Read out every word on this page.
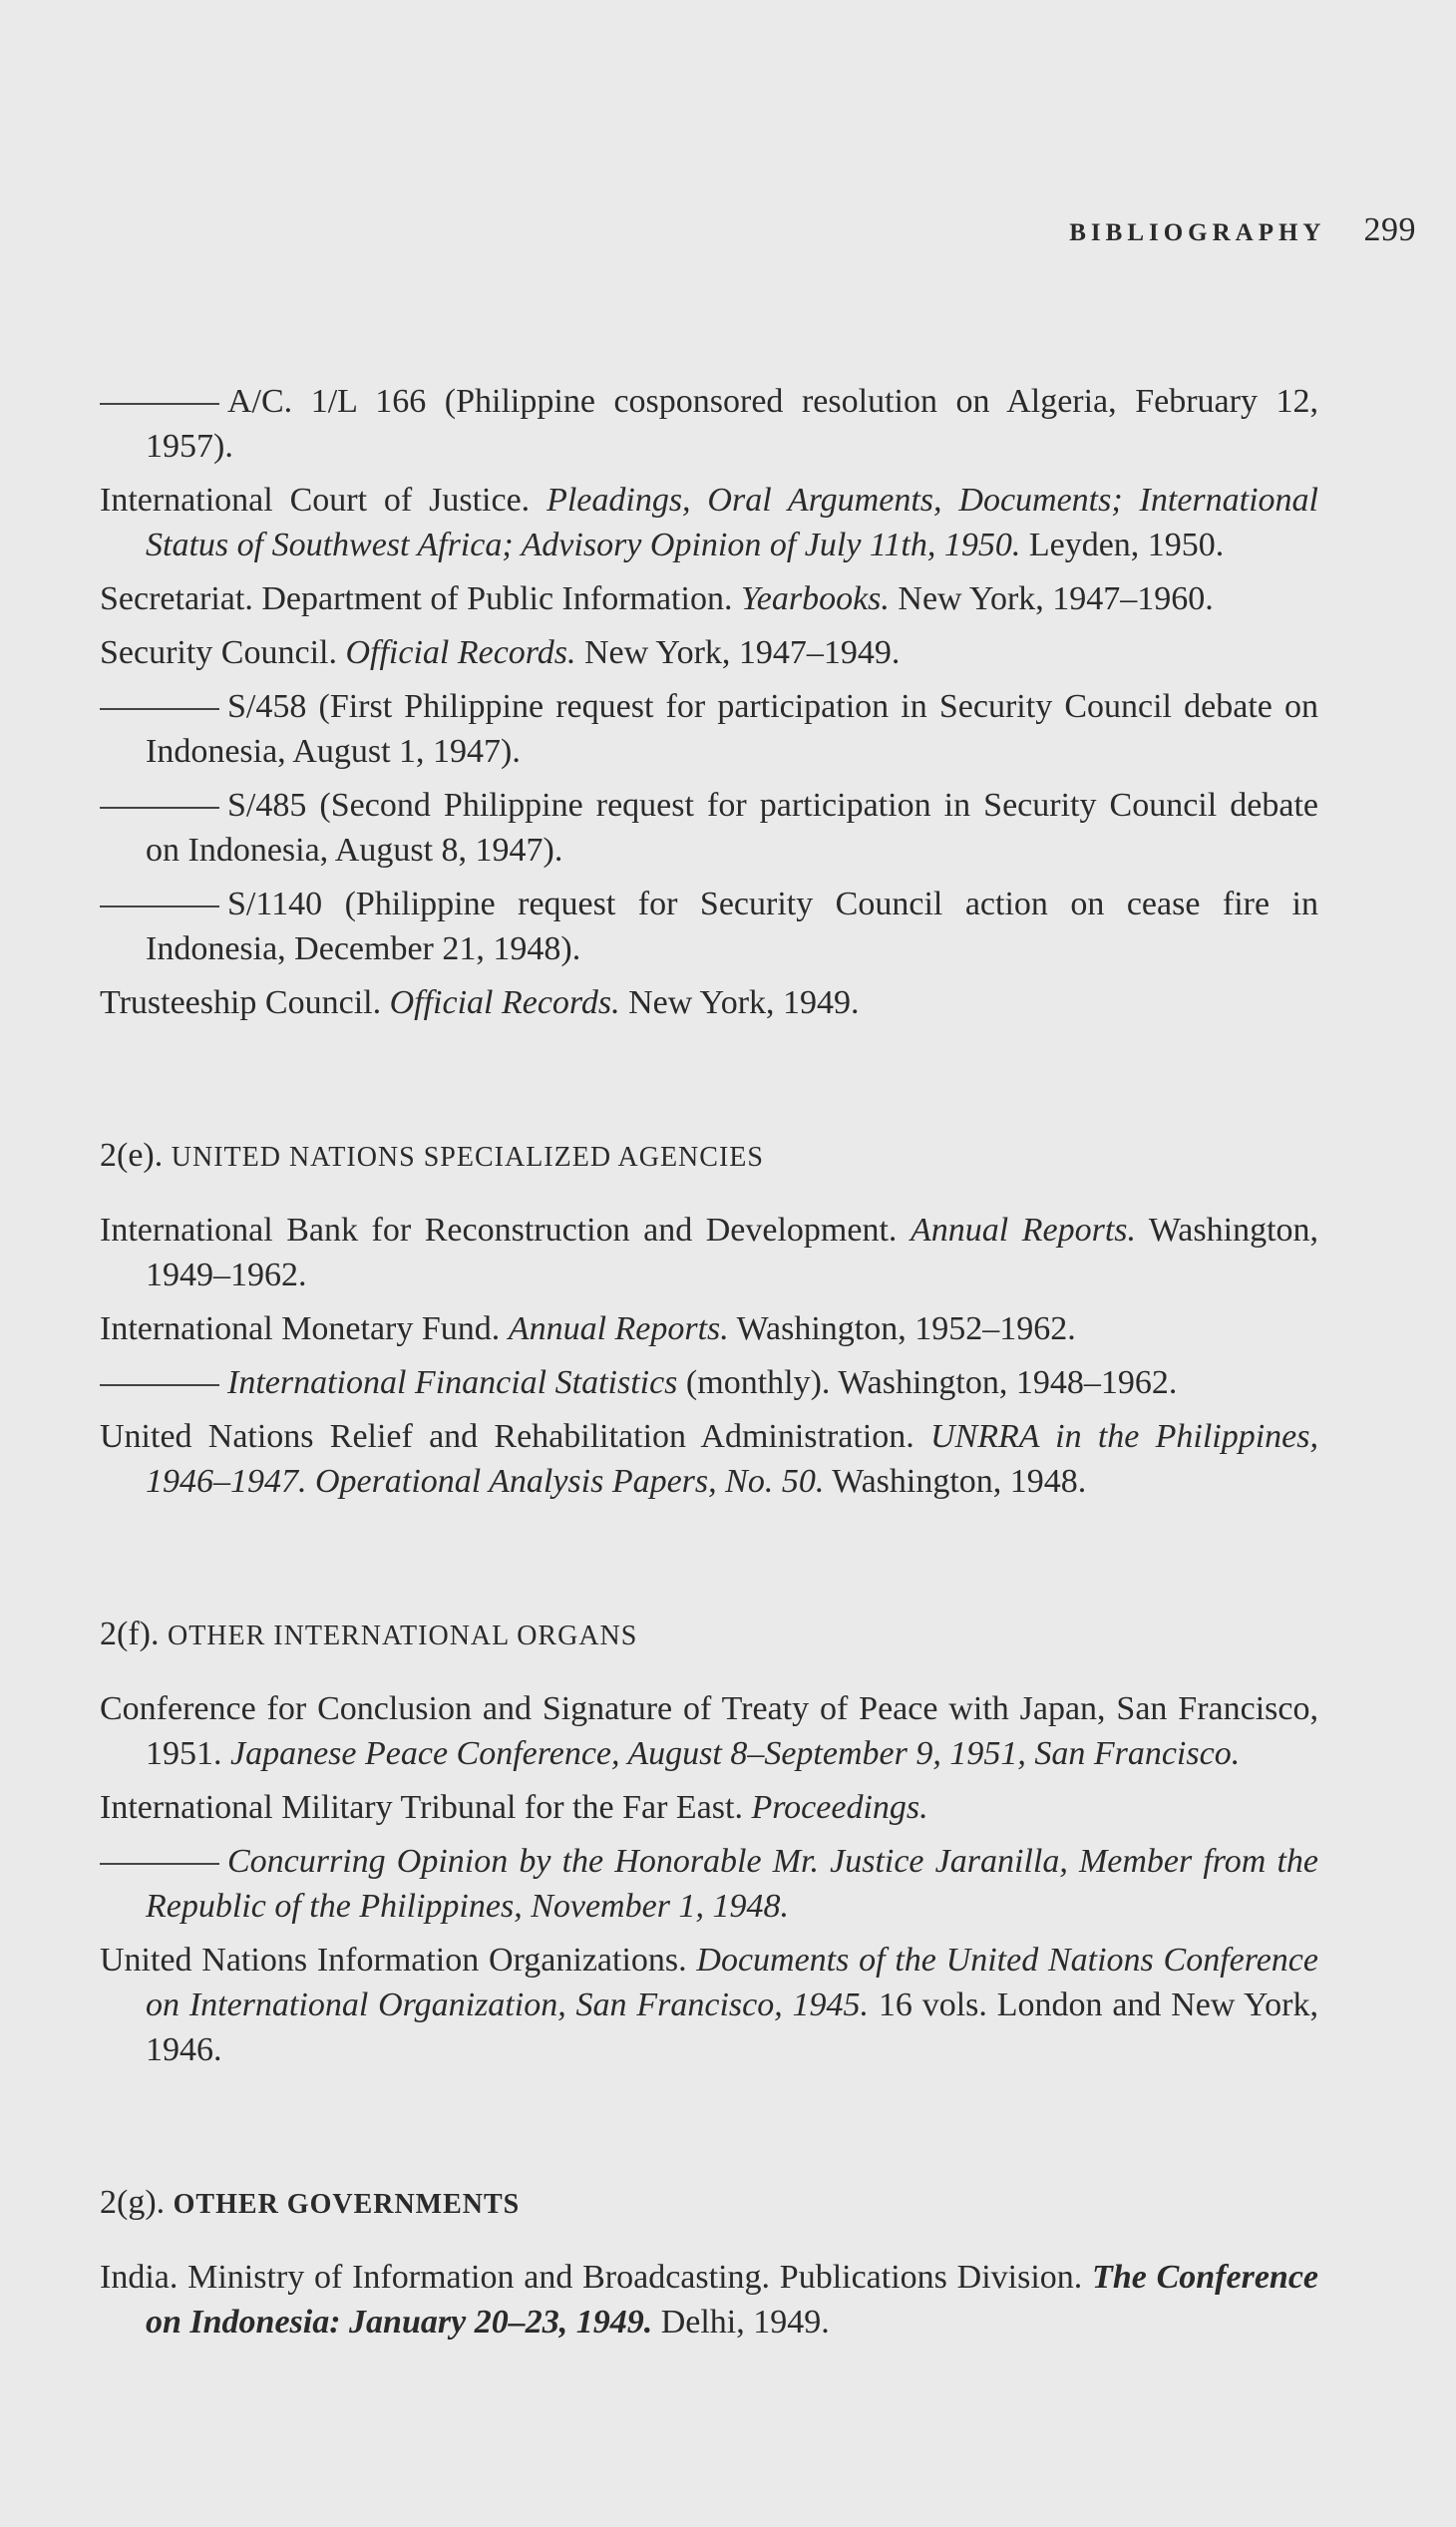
BIBLIOGRAPHY 299

A/C. 1/L 166 (Philippine cosponsored resolution on Algeria, February 12, 1957).

International Court of Justice. Pleadings, Oral Arguments, Documents; International Status of Southwest Africa; Advisory Opinion of July 11th, 1950. Leyden, 1950.

Secretariat. Department of Public Information. Yearbooks. New York, 1947–1960.

Security Council. Official Records. New York, 1947–1949.

S/458 (First Philippine request for participation in Security Council debate on Indonesia, August 1, 1947).

S/485 (Second Philippine request for participation in Security Council debate on Indonesia, August 8, 1947).

S/1140 (Philippine request for Security Council action on cease fire in Indonesia, December 21, 1948).

Trusteeship Council. Official Records. New York, 1949.

2(e). UNITED NATIONS SPECIALIZED AGENCIES

International Bank for Reconstruction and Development. Annual Reports. Washington, 1949–1962.

International Monetary Fund. Annual Reports. Washington, 1952–1962.

International Financial Statistics (monthly). Washington, 1948–1962.

United Nations Relief and Rehabilitation Administration. UNRRA in the Philippines, 1946–1947. Operational Analysis Papers, No. 50. Washington, 1948.

2(f). OTHER INTERNATIONAL ORGANS

Conference for Conclusion and Signature of Treaty of Peace with Japan, San Francisco, 1951. Japanese Peace Conference, August 8–September 9, 1951, San Francisco.

International Military Tribunal for the Far East. Proceedings.

Concurring Opinion by the Honorable Mr. Justice Jaranilla, Member from the Republic of the Philippines, November 1, 1948.

United Nations Information Organizations. Documents of the United Nations Conference on International Organization, San Francisco, 1945. 16 vols. London and New York, 1946.

2(g). OTHER GOVERNMENTS

India. Ministry of Information and Broadcasting. Publications Division. The Conference on Indonesia: January 20–23, 1949. Delhi, 1949.
